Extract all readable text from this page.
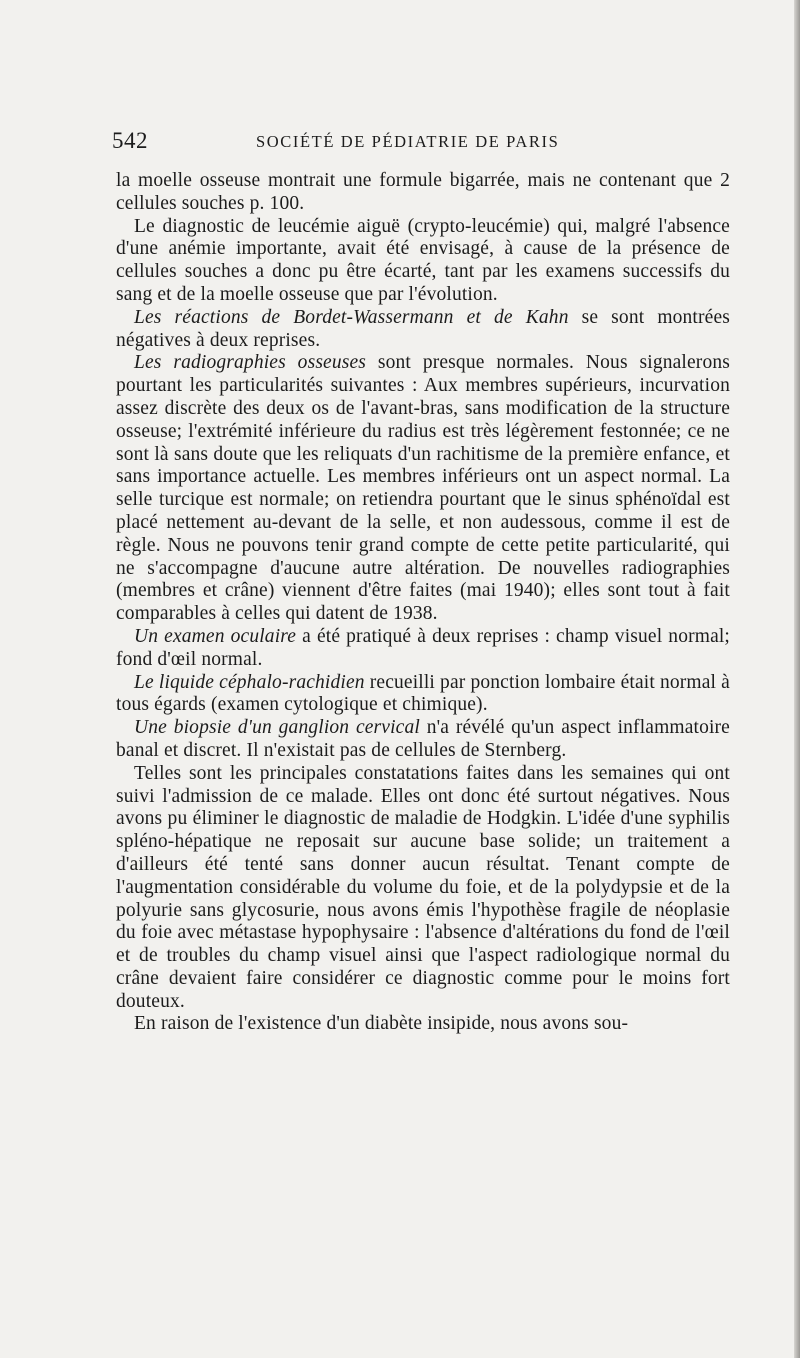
542	SOCIÉTÉ DE PÉDIATRIE DE PARIS

la moelle osseuse montrait une formule bigarrée, mais ne contenant que 2 cellules souches p. 100.

Le diagnostic de leucémie aiguë (crypto-leucémie) qui, malgré l'absence d'une anémie importante, avait été envisagé, à cause de la présence de cellules souches a donc pu être écarté, tant par les examens successifs du sang et de la moelle osseuse que par l'évolution.

Les réactions de Bordet-Wassermann et de Kahn se sont montrées négatives à deux reprises.

Les radiographies osseuses sont presque normales. Nous signalerons pourtant les particularités suivantes : Aux membres supérieurs, incurvation assez discrète des deux os de l'avant-bras, sans modification de la structure osseuse; l'extrémité inférieure du radius est très légèrement festonnée; ce ne sont là sans doute que les reliquats d'un rachitisme de la première enfance, et sans importance actuelle. Les membres inférieurs ont un aspect normal. La selle turcique est normale; on retiendra pourtant que le sinus sphénoïdal est placé nettement au-devant de la selle, et non audessous, comme il est de règle. Nous ne pouvons tenir grand compte de cette petite particularité, qui ne s'accompagne d'aucune autre altération. De nouvelles radiographies (membres et crâne) viennent d'être faites (mai 1940); elles sont tout à fait comparables à celles qui datent de 1938.

Un examen oculaire a été pratiqué à deux reprises : champ visuel normal; fond d'œil normal.

Le liquide céphalo-rachidien recueilli par ponction lombaire était normal à tous égards (examen cytologique et chimique).

Une biopsie d'un ganglion cervical n'a révélé qu'un aspect inflammatoire banal et discret. Il n'existait pas de cellules de Sternberg.

Telles sont les principales constatations faites dans les semaines qui ont suivi l'admission de ce malade. Elles ont donc été surtout négatives. Nous avons pu éliminer le diagnostic de maladie de Hodgkin. L'idée d'une syphilis spléno-hépatique ne reposait sur aucune base solide; un traitement a d'ailleurs été tenté sans donner aucun résultat. Tenant compte de l'augmentation considérable du volume du foie, et de la polydypsie et de la polyurie sans glycosurie, nous avons émis l'hypothèse fragile de néoplasie du foie avec métastase hypophysaire : l'absence d'altérations du fond de l'œil et de troubles du champ visuel ainsi que l'aspect radiologique normal du crâne devaient faire considérer ce diagnostic comme pour le moins fort douteux.

En raison de l'existence d'un diabète insipide, nous avons sou-
